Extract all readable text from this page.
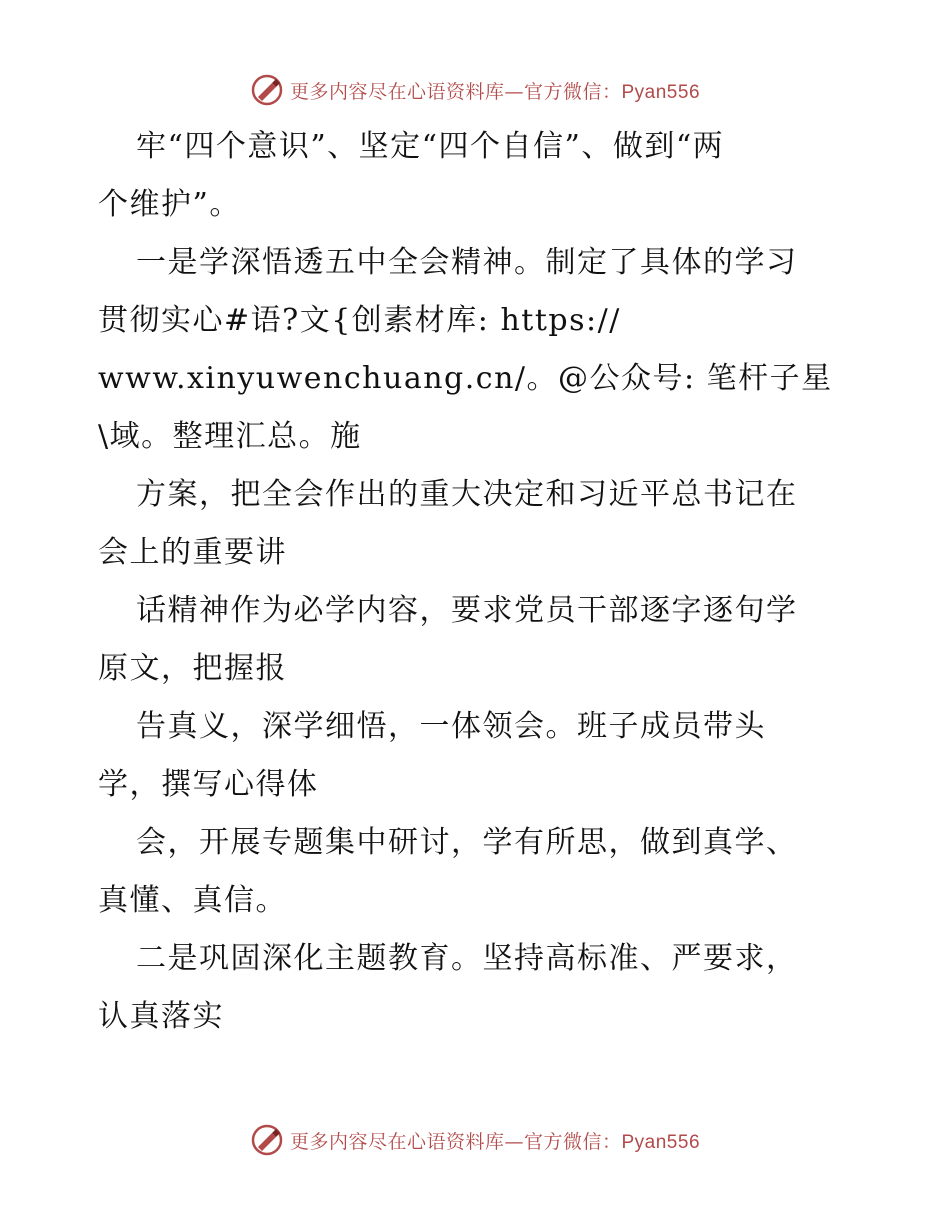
更多内容尽在心语资料库—官方微信：Pyan556
牢“四个意识”、坚定“四个自信”、做到“两
个维护”。
一是学深悟透五中全会精神。制定了具体的学习
贯彻实心#语?文{创素材库: https://
www.xinyuwenchuang.cn/。@公众号: 笔杆子星
\域。整理汇总。施
方案，把全会作出的重大决定和习近平总书记在
会上的重要讲
话精神作为必学内容，要求党员干部逐字逐句学
原文，把握报
告真义，深学细悟，一体领会。班子成员带头
学，撰写心得体
会，开展专题集中研讨，学有所思，做到真学、
真懂、真信。
二是巩固深化主题教育。坚持高标准、严要求，
认真落实
更多内容尽在心语资料库—官方微信：Pyan556
